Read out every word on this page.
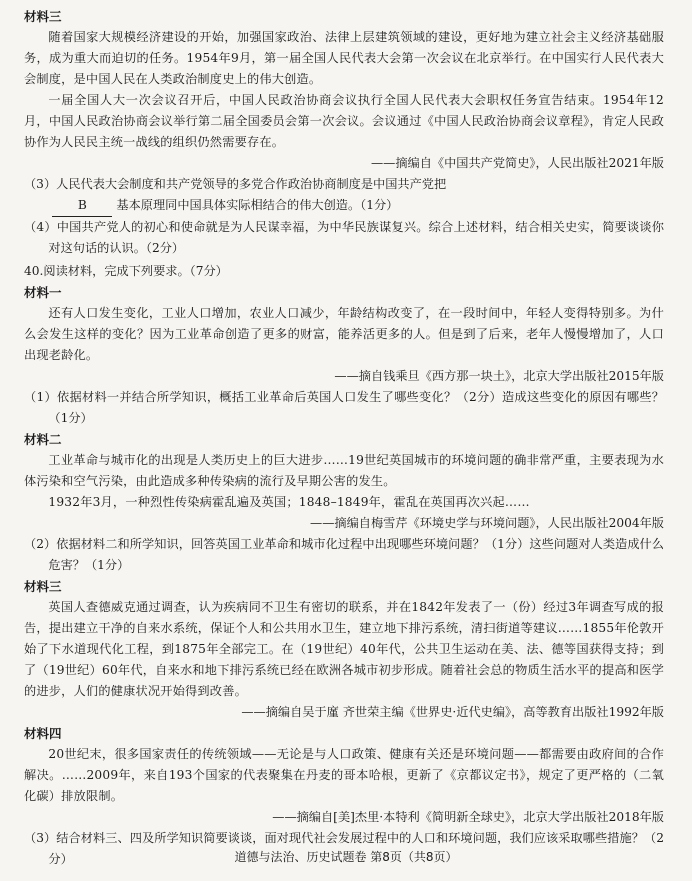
材料三
随着国家大规模经济建设的开始，加强国家政治、法律上层建筑领域的建设，更好地为建立社会主义经济基础服务，成为重大而迫切的任务。1954年9月，第一届全国人民代表大会第一次会议在北京举行。在中国实行人民代表大会制度，是中国人民在人类政治制度史上的伟大创造。
一届全国人大一次会议召开后，中国人民政治协商会议执行全国人民代表大会职权任务宣告结束。1954年12月，中国人民政治协商会议举行第二届全国委员会第一次会议。会议通过《中国人民政治协商会议章程》，肯定人民政协作为人民民主统一战线的组织仍然需要存在。
——摘编自《中国共产党简史》，人民出版社2021年版
（3）人民代表大会制度和共产党领导的多党合作政治协商制度是中国共产党把
B 基本原理同中国具体实际相结合的伟大创造。（1分）
（4）中国共产党人的初心和使命就是为人民谋幸福，为中华民族谋复兴。综合上述材料，结合相关史实，简要谈谈你对这句话的认识。（2分）
40.阅读材料，完成下列要求。（7分）
材料一
还有人口发生变化，工业人口增加，农业人口减少，年龄结构改变了，在一段时间中，年轻人变得特别多。为什么会发生这样的变化？因为工业革命创造了更多的财富，能养活更多的人。但是到了后来，老年人慢慢增加了，人口出现老龄化。
——摘自钱乘旦《西方那一块土》，北京大学出版社2015年版
（1）依据材料一并结合所学知识，概括工业革命后英国人口发生了哪些变化？（2分）造成这些变化的原因有哪些？（1分）
材料二
工业革命与城市化的出现是人类历史上的巨大进步……19世纪英国城市的环境问题的确非常严重，主要表现为水体污染和空气污染，由此造成多种传染病的流行及早期公害的发生。
1932年3月，一种烈性传染病霍乱遍及英国；1848–1849年，霍乱在英国再次兴起……
——摘编自梅雪芹《环境史学与环境问题》，人民出版社2004年版
（2）依据材料二和所学知识，回答英国工业革命和城市化过程中出现哪些环境问题？（1分）这些问题对人类造成什么危害？（1分）
材料三
英国人查德威克通过调查，认为疾病同不卫生有密切的联系，并在1842年发表了一（份）经过3年调查写成的报告，提出建立干净的自来水系统，保证个人和公共用水卫生，建立地下排污系统，清扫街道等建议……1855年伦敦开始了下水道现代化工程，到1875年全部完工。在（19世纪）40年代，公共卫生运动在美、法、德等国获得支持；到了（19世纪）60年代，自来水和地下排污系统已经在欧洲各城市初步形成。随着社会总的物质生活水平的提高和医学的进步，人们的健康状况开始得到改善。
——摘编自吴于廑 齐世荣主编《世界史·近代史编》，高等教育出版社1992年版
材料四
20世纪末，很多国家责任的传统领域——无论是与人口政策、健康有关还是环境问题——都需要由政府间的合作解决。……2009年，来自193个国家的代表聚集在丹麦的哥本哈根，更新了《京都议定书》，规定了更严格的（二氧化碳）排放限制。
——摘编自[美]杰里·本特利《简明新全球史》，北京大学出版社2018年版
（3）结合材料三、四及所学知识简要谈谈，面对现代社会发展过程中的人口和环境问题，我们应该采取哪些措施？（2分）	道德与法治、历史试题卷 第8页（共8页）
